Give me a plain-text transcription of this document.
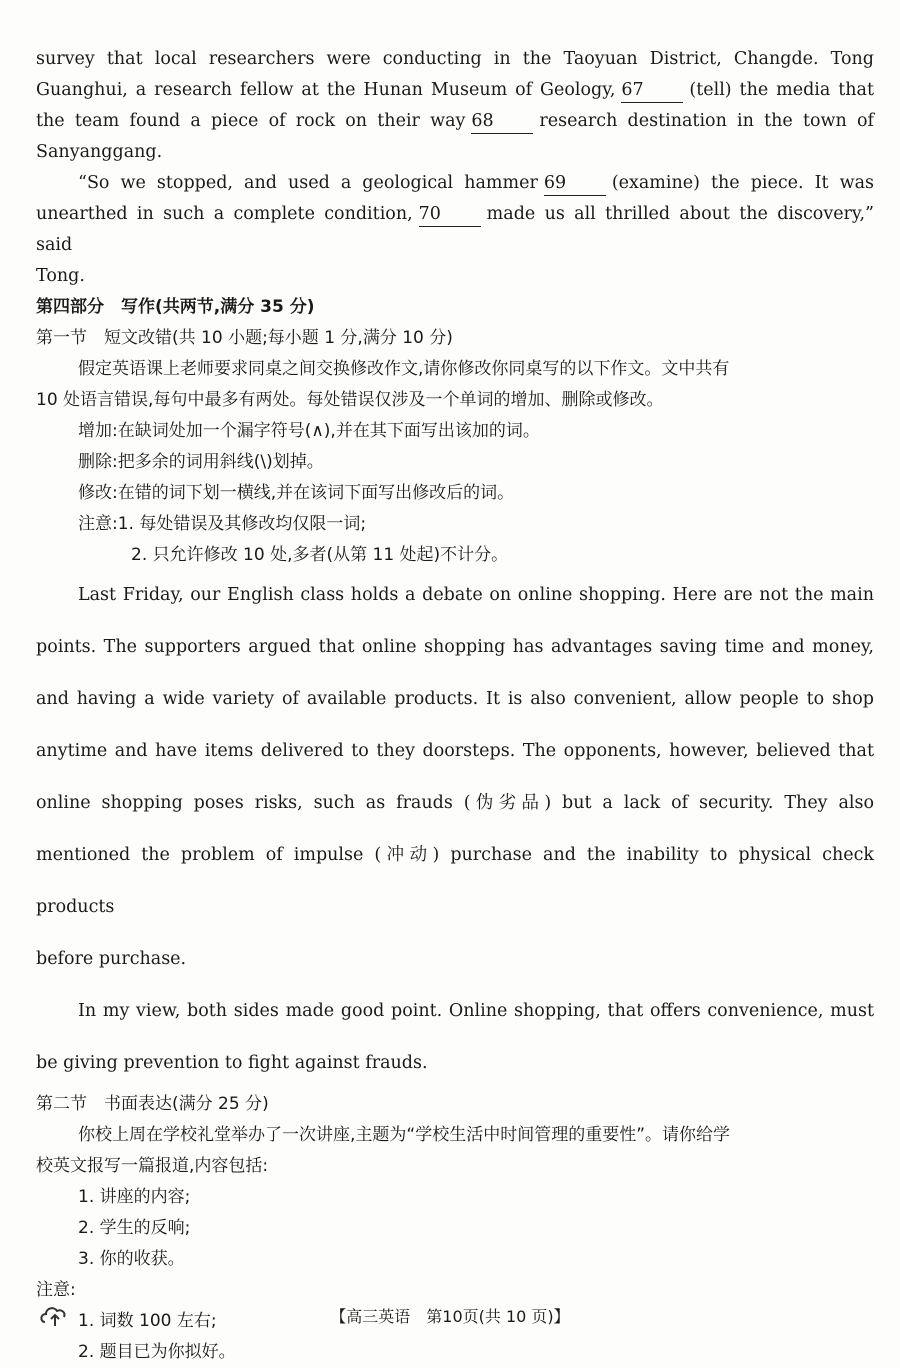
survey that local researchers were conducting in the Taoyuan District, Changde. Tong

Guanghui, a research fellow at the Hunan Museum of Geology, 67	(tell) the media that

the team found a piece of rock on their way 68	research destination in the town of

Sanyanggang.

“So we stopped, and used a geological hammer 69	(examine) the piece. It was

unearthed in such a complete condition, 70	made us all thrilled about the discovery,” said

Tong.

第四部分　写作(共两节,满分 35 分)

第一节　短文改错(共 10 小题;每小题 1 分,满分 10 分)

假定英语课上老师要求同桌之间交换修改作文,请你修改你同桌写的以下作文。文中共有

10 处语言错误,每句中最多有两处。每处错误仅涉及一个单词的增加、删除或修改。

增加:在缺词处加一个漏字符号(∧),并在其下面写出该加的词。

删除:把多余的词用斜线(\)划掉。

修改:在错的词下划一横线,并在该词下面写出修改后的词。

注意:1. 每处错误及其修改均仅限一词;

2. 只允许修改 10 处,多者(从第 11 处起)不计分。

Last Friday, our English class holds a debate on online shopping. Here are not the main

points. The supporters argued that online shopping has advantages saving time and money,

and having a wide variety of available products. It is also convenient, allow people to shop

anytime and have items delivered to they doorsteps. The opponents, however, believed that

online shopping poses risks, such as frauds (伪劣品) but a lack of security. They also

mentioned the problem of impulse (冲动) purchase and the inability to physical check products

before purchase.

In my view, both sides made good point. Online shopping, that offers convenience, must

be giving prevention to fight against frauds.

第二节　书面表达(满分 25 分)

你校上周在学校礼堂举办了一次讲座,主题为“学校生活中时间管理的重要性”。请你给学

校英文报写一篇报道,内容包括:

1. 讲座的内容;

2. 学生的反响;

3. 你的收获。

注意:

1. 词数 100 左右;

2. 题目已为你拟好。

【高三英语　第10页(共 10 页)】
